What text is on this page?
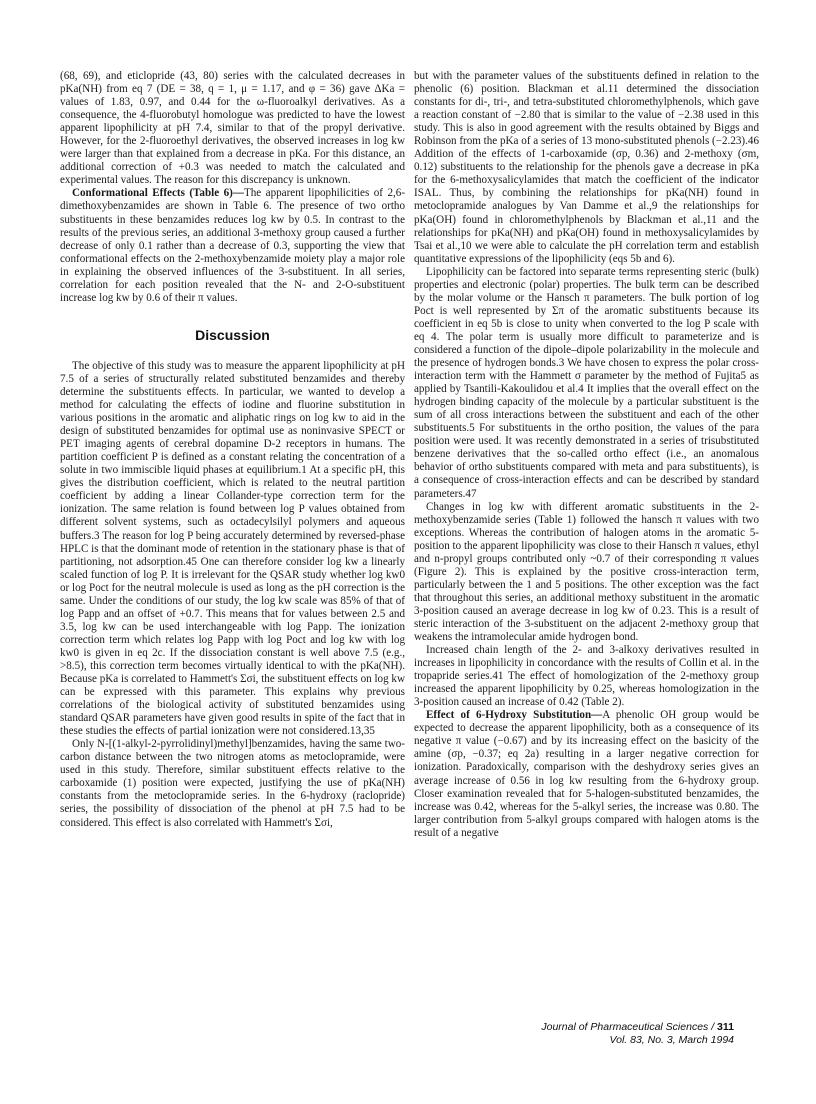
(68, 69), and eticlopride (43, 80) series with the calculated decreases in pKa(NH) from eq 7 (DE = 38, q = 1, μ = 1.17, and φ = 36) gave ΔKa = values of 1.83, 0.97, and 0.44 for the ω-fluoroalkyl derivatives. As a consequence, the 4-fluorobutyl homologue was predicted to have the lowest apparent lipophilicity at pH 7.4, similar to that of the propyl derivative. However, for the 2-fluoroethyl derivatives, the observed increases in log kw were larger than that explained from a decrease in pKa. For this distance, an additional correction of +0.3 was needed to match the calculated and experimental values. The reason for this discrepancy is unknown.

Conformational Effects (Table 6)—The apparent lipophilicities of 2,6-dimethoxybenzamides are shown in Table 6. The presence of two ortho substituents in these benzamides reduces log kw by 0.5. In contrast to the results of the previous series, an additional 3-methoxy group caused a further decrease of only 0.1 rather than a decrease of 0.3, supporting the view that conformational effects on the 2-methoxybenzamide moiety play a major role in explaining the observed influences of the 3-substituent. In all series, correlation for each position revealed that the N- and 2-O-substituent increase log kw by 0.6 of their π values.

Discussion

The objective of this study was to measure the apparent lipophilicity at pH 7.5 of a series of structurally related substituted benzamides and thereby determine the substituents effects. In particular, we wanted to develop a method for calculating the effects of iodine and fluorine substitution in various positions in the aromatic and aliphatic rings on log kw to aid in the design of substituted benzamides for optimal use as noninvasive SPECT or PET imaging agents of cerebral dopamine D-2 receptors in humans. The partition coefficient P is defined as a constant relating the concentration of a solute in two immiscible liquid phases at equilibrium.1 At a specific pH, this gives the distribution coefficient, which is related to the neutral partition coefficient by adding a linear Collander-type correction term for the ionization. The same relation is found between log P values obtained from different solvent systems, such as octadecylsilyl polymers and aqueous buffers.3 The reason for log P being accurately determined by reversed-phase HPLC is that the dominant mode of retention in the stationary phase is that of partitioning, not adsorption.45 One can therefore consider log kw a linearly scaled function of log P. It is irrelevant for the QSAR study whether log kw0 or log Poct for the neutral molecule is used as long as the pH correction is the same. Under the conditions of our study, the log kw scale was 85% of that of log Papp and an offset of +0.7. This means that for values between 2.5 and 3.5, log kw can be used interchangeable with log Papp. The ionization correction term which relates log Papp with log Poct and log kw with log kw0 is given in eq 2c. If the dissociation constant is well above 7.5 (e.g., >8.5), this correction term becomes virtually identical to with the pKa(NH). Because pKa is correlated to Hammett's Σσi, the substituent effects on log kw can be expressed with this parameter. This explains why previous correlations of the biological activity of substituted benzamides using standard QSAR parameters have given good results in spite of the fact that in these studies the effects of partial ionization were not considered.13,35

Only N-[(1-alkyl-2-pyrrolidinyl)methyl]benzamides, having the same two-carbon distance between the two nitrogen atoms as metoclopramide, were used in this study. Therefore, similar substituent effects relative to the carboxamide (1) position were expected, justifying the use of pKa(NH) constants from the metoclopramide series. In the 6-hydroxy (raclopride) series, the possibility of dissociation of the phenol at pH 7.5 had to be considered. This effect is also correlated with Hammett's Σσi,

but with the parameter values of the substituents defined in relation to the phenolic (6) position. Blackman et al.11 determined the dissociation constants for di-, tri-, and tetra-substituted chloromethylphenols, which gave a reaction constant of −2.80 that is similar to the value of −2.38 used in this study. This is also in good agreement with the results obtained by Biggs and Robinson from the pKa of a series of 13 mono-substituted phenols (−2.23).46 Addition of the effects of 1-carboxamide (σp, 0.36) and 2-methoxy (σm, 0.12) substituents to the relationship for the phenols gave a decrease in pKa for the 6-methoxysalicylamides that match the coefficient of the indicator ISAL. Thus, by combining the relationships for pKa(NH) found in metoclopramide analogues by Van Damme et al.,9 the relationships for pKa(OH) found in chloromethylphenols by Blackman et al.,11 and the relationships for pKa(NH) and pKa(OH) found in methoxysalicylamides by Tsai et al.,10 we were able to calculate the pH correlation term and establish quantitative expressions of the lipophilicity (eqs 5b and 6).

Lipophilicity can be factored into separate terms representing steric (bulk) properties and electronic (polar) properties. The bulk term can be described by the molar volume or the Hansch π parameters. The bulk portion of log Poct is well represented by Σπ of the aromatic substituents because its coefficient in eq 5b is close to unity when converted to the log P scale with eq 4. The polar term is usually more difficult to parameterize and is considered a function of the dipole–dipole polarizability in the molecule and the presence of hydrogen bonds.3 We have chosen to express the polar cross-interaction term with the Hammett σ parameter by the method of Fujita5 as applied by Tsantili-Kakoulidou et al.4 It implies that the overall effect on the hydrogen binding capacity of the molecule by a particular substituent is the sum of all cross interactions between the substituent and each of the other substituents.5 For substituents in the ortho position, the values of the para position were used. It was recently demonstrated in a series of trisubstituted benzene derivatives that the so-called ortho effect (i.e., an anomalous behavior of ortho substituents compared with meta and para substituents), is a consequence of cross-interaction effects and can be described by standard parameters.47

Changes in log kw with different aromatic substituents in the 2-methoxybenzamide series (Table 1) followed the hansch π values with two exceptions. Whereas the contribution of halogen atoms in the aromatic 5-position to the apparent lipophilicity was close to their Hansch π values, ethyl and n-propyl groups contributed only ~0.7 of their corresponding π values (Figure 2). This is explained by the positive cross-interaction term, particularly between the 1 and 5 positions. The other exception was the fact that throughout this series, an additional methoxy substituent in the aromatic 3-position caused an average decrease in log kw of 0.23. This is a result of steric interaction of the 3-substituent on the adjacent 2-methoxy group that weakens the intramolecular amide hydrogen bond.

Increased chain length of the 2- and 3-alkoxy derivatives resulted in increases in lipophilicity in concordance with the results of Collin et al. in the tropapride series.41 The effect of homologization of the 2-methoxy group increased the apparent lipophilicity by 0.25, whereas homologization in the 3-position caused an increase of 0.42 (Table 2).

Effect of 6-Hydroxy Substitution—A phenolic OH group would be expected to decrease the apparent lipophilicity, both as a consequence of its negative π value (−0.67) and by its increasing effect on the basicity of the amine (σp, −0.37; eq 2a) resulting in a larger negative correction for ionization. Paradoxically, comparison with the deshydroxy series gives an average increase of 0.56 in log kw resulting from the 6-hydroxy group. Closer examination revealed that for 5-halogen-substituted benzamides, the increase was 0.42, whereas for the 5-alkyl series, the increase was 0.80. The larger contribution from 5-alkyl groups compared with halogen atoms is the result of a negative

Journal of Pharmaceutical Sciences / 311
Vol. 83, No. 3, March 1994
